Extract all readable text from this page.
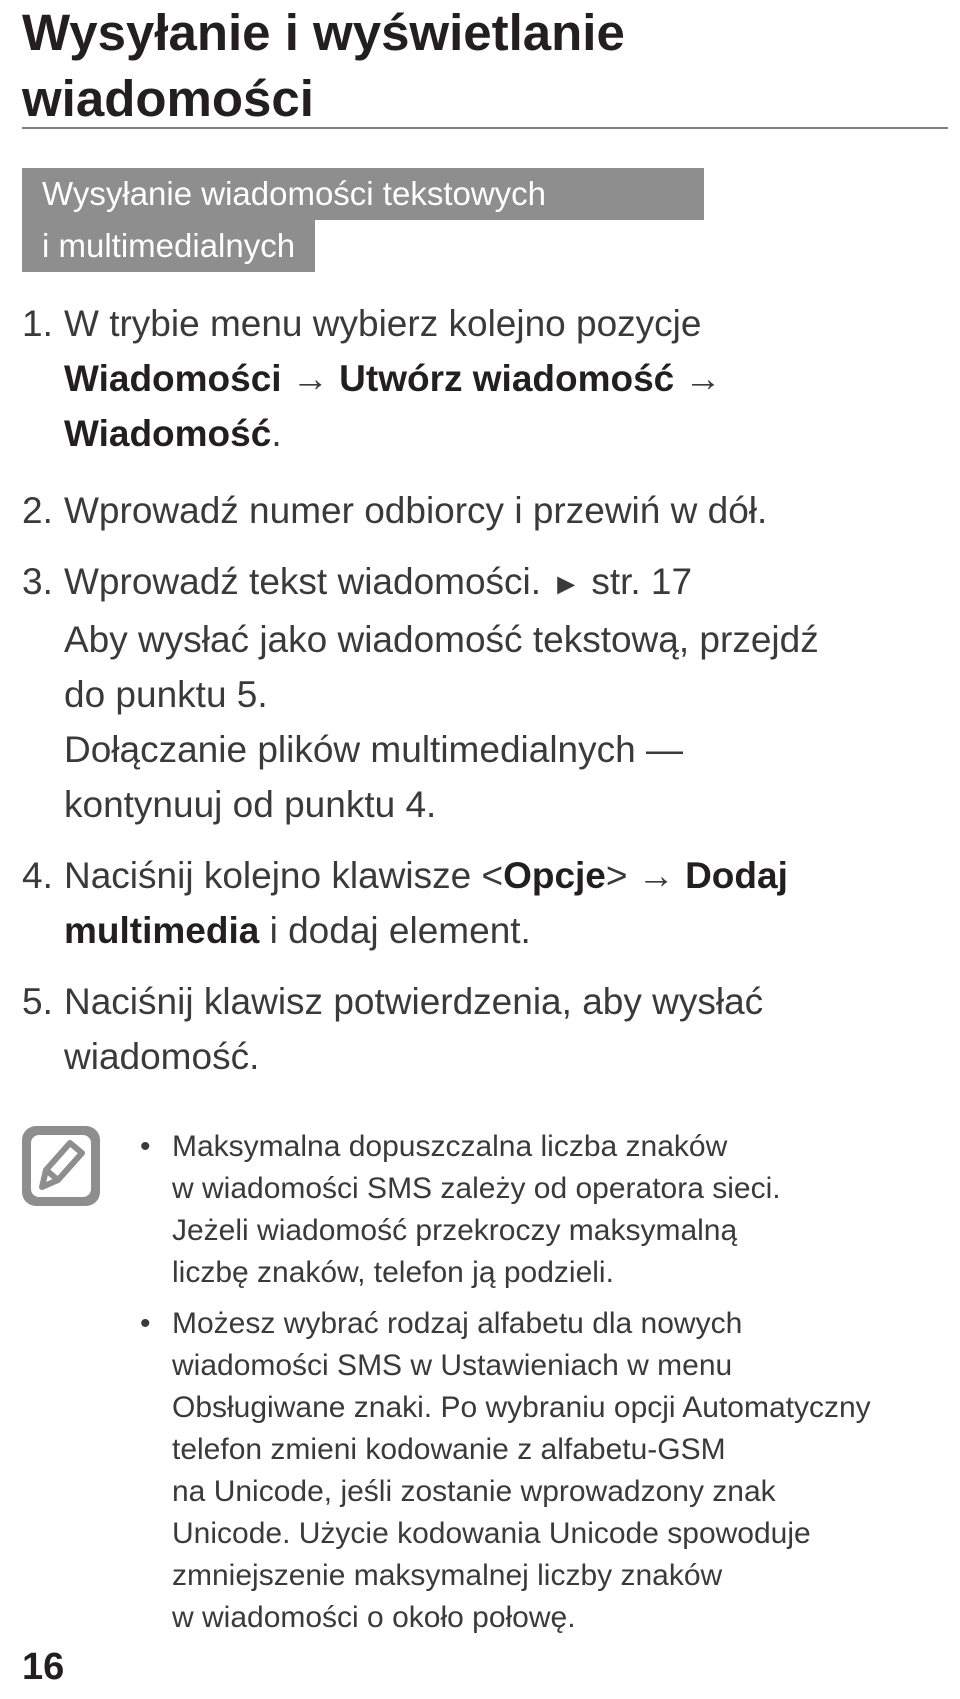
Wysyłanie i wyświetlanie
wiadomości
Wysyłanie wiadomości tekstowych
i multimedialnych
1. W trybie menu wybierz kolejno pozycje
Wiadomości → Utwórz wiadomość →
Wiadomość.
2. Wprowadź numer odbiorcy i przewiń w dół.
3. Wprowadź tekst wiadomości. ► str. 17
Aby wysłać jako wiadomość tekstową, przejdź
do punktu 5.
Dołączanie plików multimedialnych —
kontynuuj od punktu 4.
4. Naciśnij kolejno klawisze <Opcje> → Dodaj
multimedia i dodaj element.
5. Naciśnij klawisz potwierdzenia, aby wysłać
wiadomość.
• Maksymalna dopuszczalna liczba znaków
w wiadomości SMS zależy od operatora sieci.
Jeżeli wiadomość przekroczy maksymalną
liczbę znaków, telefon ją podzieli.
• Możesz wybrać rodzaj alfabetu dla nowych
wiadomości SMS w Ustawieniach w menu
Obsługiwane znaki. Po wybraniu opcji Automatyczny
telefon zmieni kodowanie z alfabetu-GSM
na Unicode, jeśli zostanie wprowadzony znak
Unicode. Użycie kodowania Unicode spowoduje
zmniejszenie maksymalnej liczby znaków
w wiadomości o około połowę.
16
